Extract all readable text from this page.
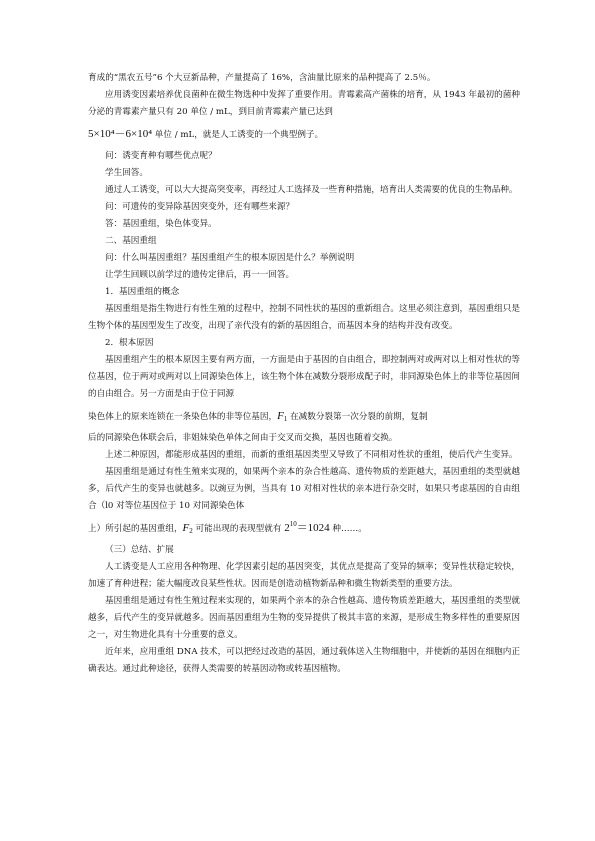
育成的“黑农五号”6 个大豆新品种，产量提高了 16%，含油量比原来的品种提高了 2.5％。

应用诱变因素培养优良菌种在微生物选种中发挥了重要作用。青霉素高产菌株的培育，从 1943 年最初的菌种分泌的青霉素产量只有 20 单位 / mL，到目前青霉素产量已达到

5×10⁴－6×10⁴ 单位 / mL，就是人工诱变的一个典型例子。

问：诱变育种有哪些优点呢？

学生回答。

通过人工诱变，可以大大提高突变率，再经过人工选择及一些育种措施，培育出人类需要的优良的生物品种。

问：可遗传的变异除基因突变外，还有哪些来源？

答：基因重组，染色体变异。

二、基因重组

问：什么叫基因重组？基因重组产生的根本原因是什么？举例说明

让学生回顾以前学过的遗传定律后，再一一回答。

1．基因重组的概念

基因重组是指生物进行有性生殖的过程中，控制不同性状的基因的重新组合。这里必须注意到，基因重组只是生物个体的基因型发生了改变，出现了亲代没有的新的基因组合，而基因本身的结构并没有改变。

2．根本原因

基因重组产生的根本原因主要有两方面，一方面是由于基因的自由组合，即控制两对或两对以上相对性状的等位基因，位于两对或两对以上同源染色体上，该生物个体在减数分裂形成配子时，非同源染色体上的非等位基因间的自由组合。另一方面是由于位于同源

染色体上的原来连锁在一条染色体的非等位基因，$F_1$ 在减数分裂第一次分裂的前期，复制

后的同源染色体联会后，非姐妹染色单体之间由于交叉而交换，基因也随着交换。

上述二种原因，都能形成基因的重组，而新的重组基因类型又导致了不同相对性状的重组，使后代产生变异。

基因重组是通过有性生殖来实现的，如果两个亲本的杂合性越高、遗传物质的差距越大，基因重组的类型就越多，后代产生的变异也就越多。以豌豆为例，当具有 10 对相对性状的亲本进行杂交时，如果只考虑基因的自由组合（l0 对等位基因位于 10 对同源染色体

上）所引起的基因重组，$F_2$ 可能出现的表现型就有 $2^{10}=1024$ 种……。

（三）总结、扩展

人工诱变是人工应用各种物理、化学因素引起的基因突变，其优点是提高了变异的频率；变异性状稳定较快，加速了育种进程；能大幅度改良某些性状。因而是创造动植物新品种和微生物新类型的重要方法。

基因重组是通过有性生殖过程来实现的，如果两个亲本的杂合性越高、遗传物质差距越大，基因重组的类型就越多，后代产生的变异就越多。因而基因重组为生物的变异提供了极其丰富的来源，是形成生物多样性的重要原因之一，对生物进化具有十分重要的意义。

近年来，应用重组 DNA 技术，可以把经过改造的基因，通过载体送入生物细胞中，并使新的基因在细胞内正确表达。通过此种途径，获得人类需要的转基因动物或转基因植物。
